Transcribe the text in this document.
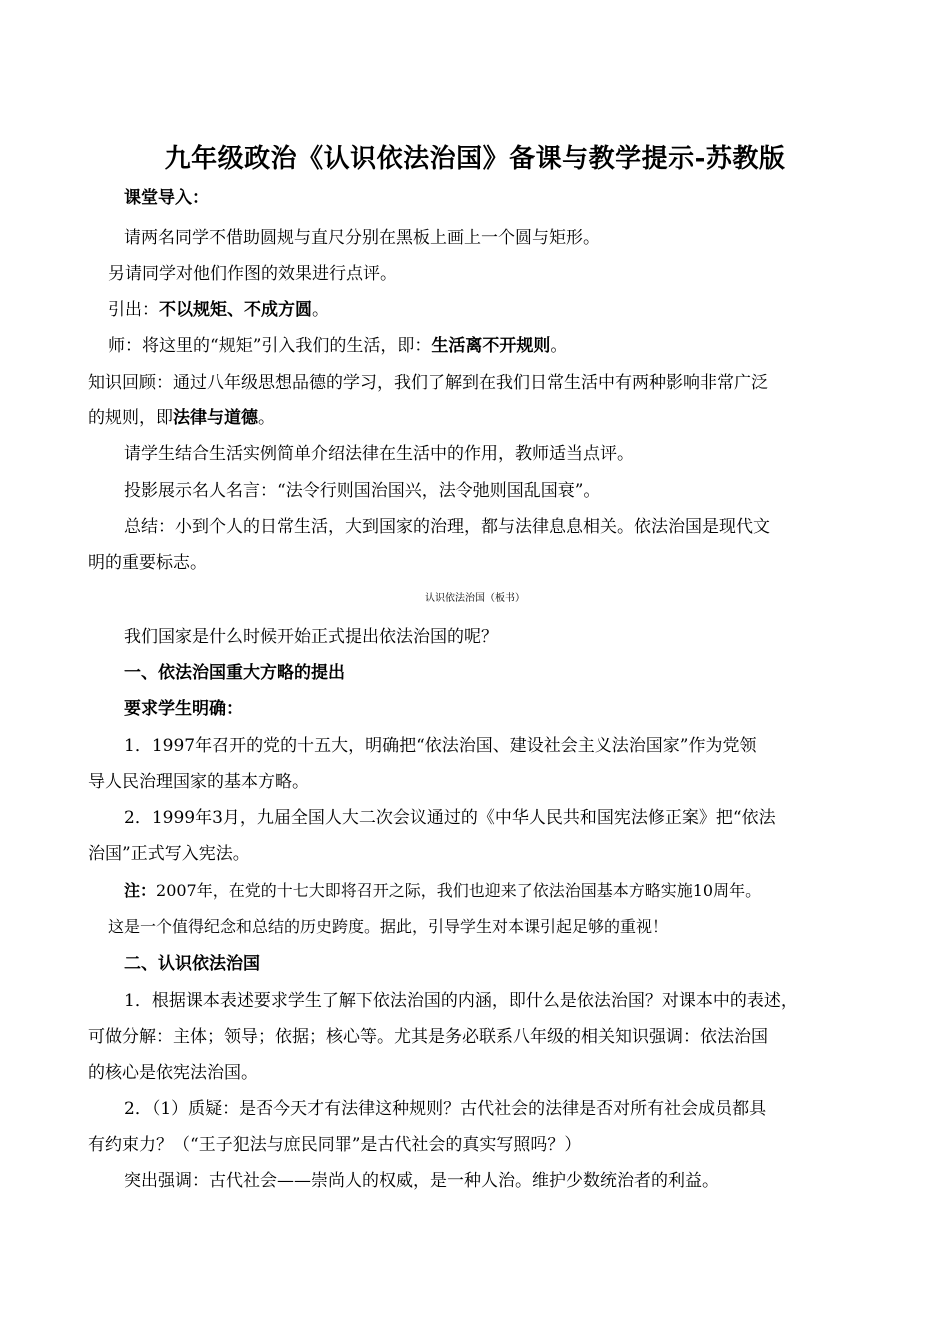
九年级政治《认识依法治国》备课与教学提示-苏教版
课堂导入：
请两名同学不借助圆规与直尺分别在黑板上画上一个圆与矩形。
另请同学对他们作图的效果进行点评。
引出：不以规矩、不成方圆。
师：将这里的“规矩”引入我们的生活，即：生活离不开规则。
知识回顾：通过八年级思想品德的学习，我们了解到在我们日常生活中有两种影响非常广泛
的规则，即法律与道德。
请学生结合生活实例简单介绍法律在生活中的作用，教师适当点评。
投影展示名人名言：“法令行则国治国兴，法令弛则国乱国衰”。
总结：小到个人的日常生活，大到国家的治理，都与法律息息相关。依法治国是现代文
明的重要标志。
认识依法治国（板书）
我们国家是什么时候开始正式提出依法治国的呢？
一、依法治国重大方略的提出
要求学生明确：
1．1997年召开的党的十五大，明确把“依法治国、建设社会主义法治国家”作为党领
导人民治理国家的基本方略。
2．1999年3月，九届全国人大二次会议通过的《中华人民共和国宪法修正案》把“依法
治国”正式写入宪法。
注：2007年，在党的十七大即将召开之际，我们也迎来了依法治国基本方略实施10周年。
这是一个值得纪念和总结的历史跨度。据此，引导学生对本课引起足够的重视！
二、认识依法治国
1．根据课本表述要求学生了解下依法治国的内涵，即什么是依法治国？对课本中的表述，
可做分解：主体；领导；依据；核心等。尤其是务必联系八年级的相关知识强调：依法治国
的核心是依宪法治国。
2．（1）质疑：是否今天才有法律这种规则？古代社会的法律是否对所有社会成员都具
有约束力？（“王子犯法与庶民同罪”是古代社会的真实写照吗？）
突出强调：古代社会——崇尚人的权威，是一种人治。维护少数统治者的利益。
